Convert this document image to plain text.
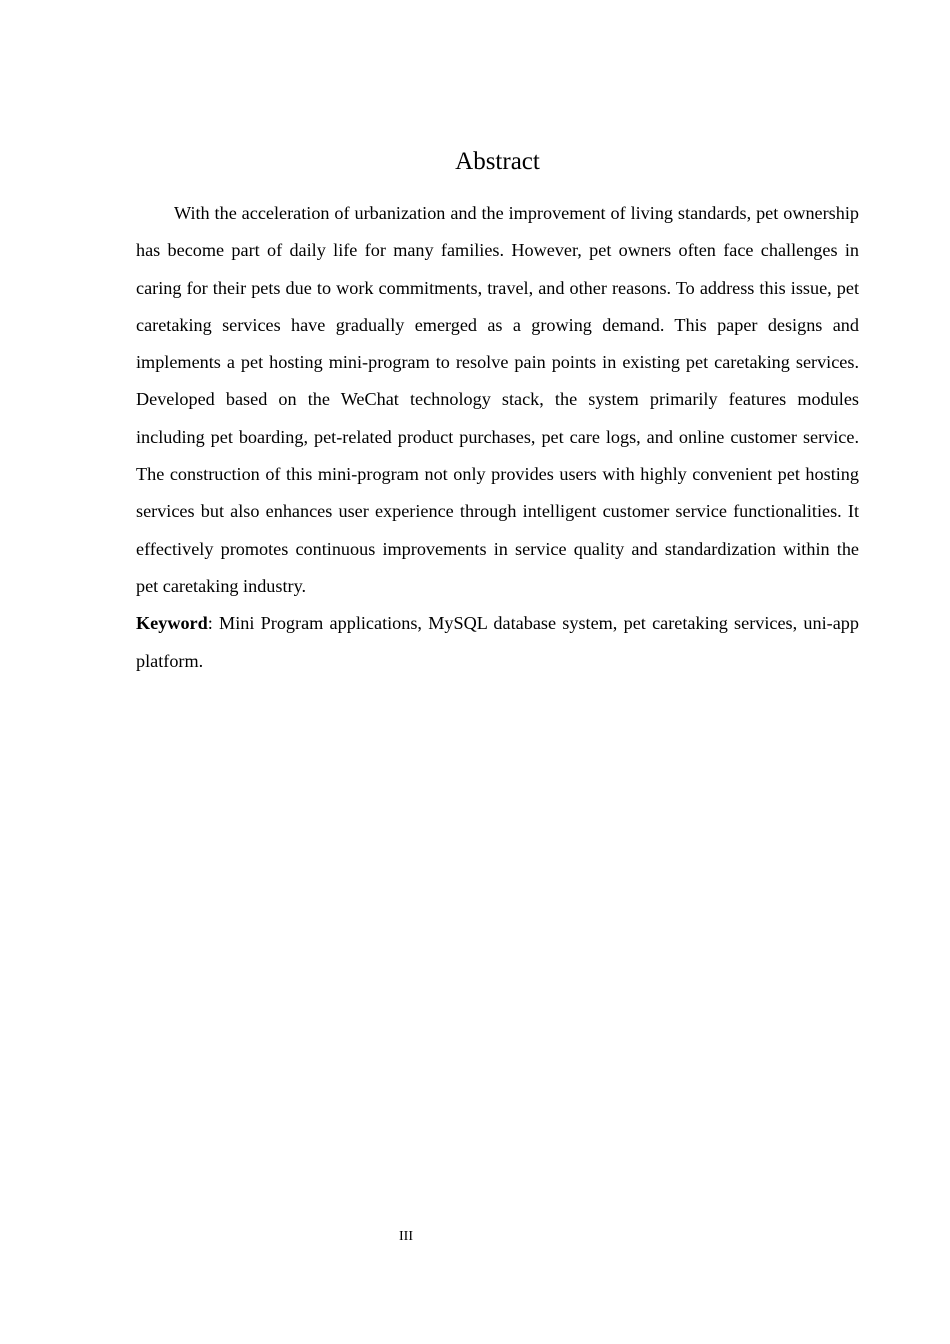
Abstract

With the acceleration of urbanization and the improvement of living standards, pet ownership has become part of daily life for many families. However, pet owners often face challenges in caring for their pets due to work commitments, travel, and other reasons. To address this issue, pet caretaking services have gradually emerged as a growing demand. This paper designs and implements a pet hosting mini-program to resolve pain points in existing pet caretaking services. Developed based on the WeChat technology stack, the system primarily features modules including pet boarding, pet-related product purchases, pet care logs, and online customer service. The construction of this mini-program not only provides users with highly convenient pet hosting services but also enhances user experience through intelligent customer service functionalities. It effectively promotes continuous improvements in service quality and standardization within the pet caretaking industry.

Keyword: Mini Program applications, MySQL database system, pet caretaking services, uni-app platform.

III
